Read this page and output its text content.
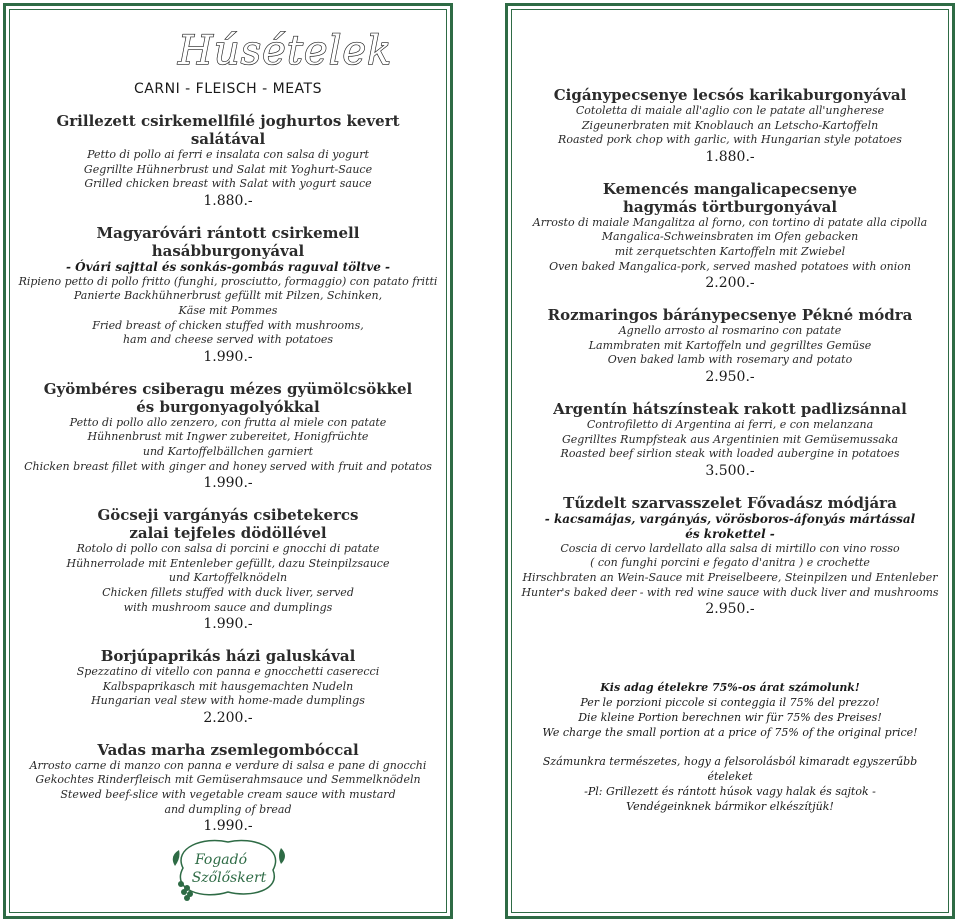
Húsételek
CARNI - FLEISCH - MEATS
Grillezett csirkemellfilé joghurtos kevert salátával
Petto di pollo ai ferri e insalata con salsa di yogurt
Gegrillte Hühnerbrust und Salat mit Yoghurt-Sauce
Grilled chicken breast with Salat with yogurt sauce
1.880.-
Magyaróvári rántott csirkemell hasábburgonyával
- Óvári sajttal és sonkás-gombás raguval töltve -
Ripieno petto di pollo fritto (funghi, prosciutto, formaggio) con patato fritti
Panierte Backhühnerbrust gefüllt mit Pilzen, Schinken,
Käse mit Pommes
Fried breast of chicken stuffed with mushrooms,
ham and cheese served with potatoes
1.990.-
Gyömbéres csiberagu mézes gyümölcsökkel
és burgonyagolyókkal
Petto di pollo allo zenzero, con frutta al miele con patate
Hühnenbrust mit Ingwer zubereitet, Honigfrüchte
und Kartoffelbällchen garniert
Chicken breast fillet with ginger and honey served with fruit and potatos
1.990.-
Göcseji vargányás csibetekercs
zalai tejfeles dödöllével
Rotolo di pollo con salsa di porcini e gnocchi di patate
Hühnerrolade mit Entenleber gefüllt, dazu Steinpilzsauce
und Kartoffelknödeln
Chicken fillets stuffed with duck liver, served
with mushroom sauce and dumplings
1.990.-
Borjúpaprikás házi galuskával
Spezzatino di vitello con panna e gnocchetti caserecci
Kalbspaprikasch mit hausgemachten Nudeln
Hungarian veal stew with home-made dumplings
2.200.-
Vadas marha zsemlegombóccal
Arrosto carne di manzo con panna e verdure di salsa e pane di gnocchi
Gekochtes Rinderfleisch mit Gemüserahmsauce und Semmelknödeln
Stewed beef-slice with vegetable cream sauce with mustard
and dumpling of bread
1.990.-
Fogadó
Szőlőskert
Cigánypecsenye lecsós karikaburgonyával
Cotoletta di maiale all'aglio con le patate all'ungherese
Zigeunerbraten mit Knoblauch an Letscho-Kartoffeln
Roasted pork chop with garlic, with Hungarian style potatoes
1.880.-
Kemencés mangalicapecsenye
hagymás törtburgonyával
Arrosto di maiale Mangalitza al forno, con tortino di patate alla cipolla
Mangalica-Schweinsbraten im Ofen gebacken
mit zerquetschten Kartoffeln mit Zwiebel
Oven baked Mangalica-pork, served mashed potatoes with onion
2.200.-
Rozmaringos báránypecsenye Pékné módra
Agnello arrosto al rosmarino con patate
Lammbraten mit Kartoffeln und gegrilltes Gemüse
Oven baked lamb with rosemary and potato
2.950.-
Argentín hátszínsteak rakott padlizsánnal
Controfiletto di Argentina ai ferri, e con melanzana
Gegrilltes Rumpfsteak aus Argentinien mit Gemüsemussaka
Roasted beef sirlion steak with loaded aubergine in potatoes
3.500.-
Tűzdelt szarvasszelet Fővadász módjára
- kacsamájas, vargányás, vörösboros-áfonyás mártással
és krokettel -
Coscia di cervo lardellato alla salsa di mirtillo con vino rosso
( con funghi porcini e fegato d'anitra ) e crochette
Hirschbraten an Wein-Sauce mit Preiselbeere, Steinpilzen und Entenleber
Hunter's baked deer - with red wine sauce with duck liver and mushrooms
2.950.-
Kis adag ételekre 75%-os árat számolunk!
Per le porzioni piccole si conteggia il 75% del prezzo!
Die kleine Portion berechnen wir für 75% des Preises!
We charge the small portion at a price of 75% of the original price!
Számunkra természetes, hogy a felsorolásból kimaradt egyszerűbb ételeket
-Pl: Grillezett és rántott húsok vagy halak és sajtok -
Vendégeinknek bármikor elkészítjük!
